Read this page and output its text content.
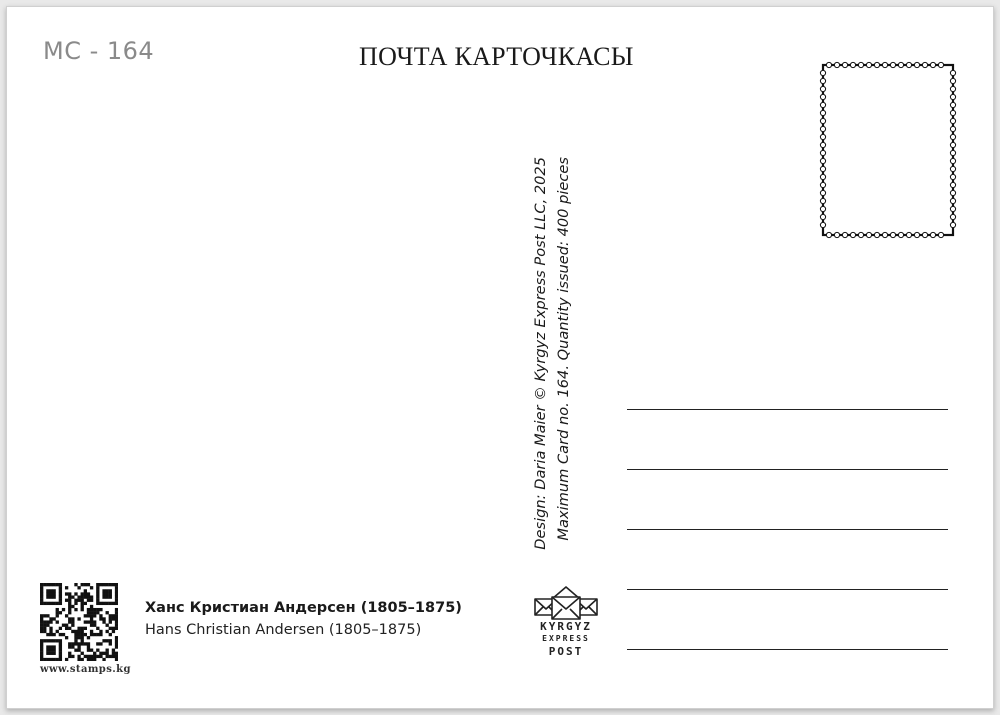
MC - 164	ПОЧТА КАРТОЧКАСЫ
Design: Daria Maier © Kyrgyz Express Post LLC, 2025 Maximum Card no. 164. Quantity issued: 400 pieces
www.stamps.kg
Ханс Кристиан Андерсен (1805–1875)
Hans Christian Andersen (1805–1875)	KYRGYZ
EXPRESS
POST
